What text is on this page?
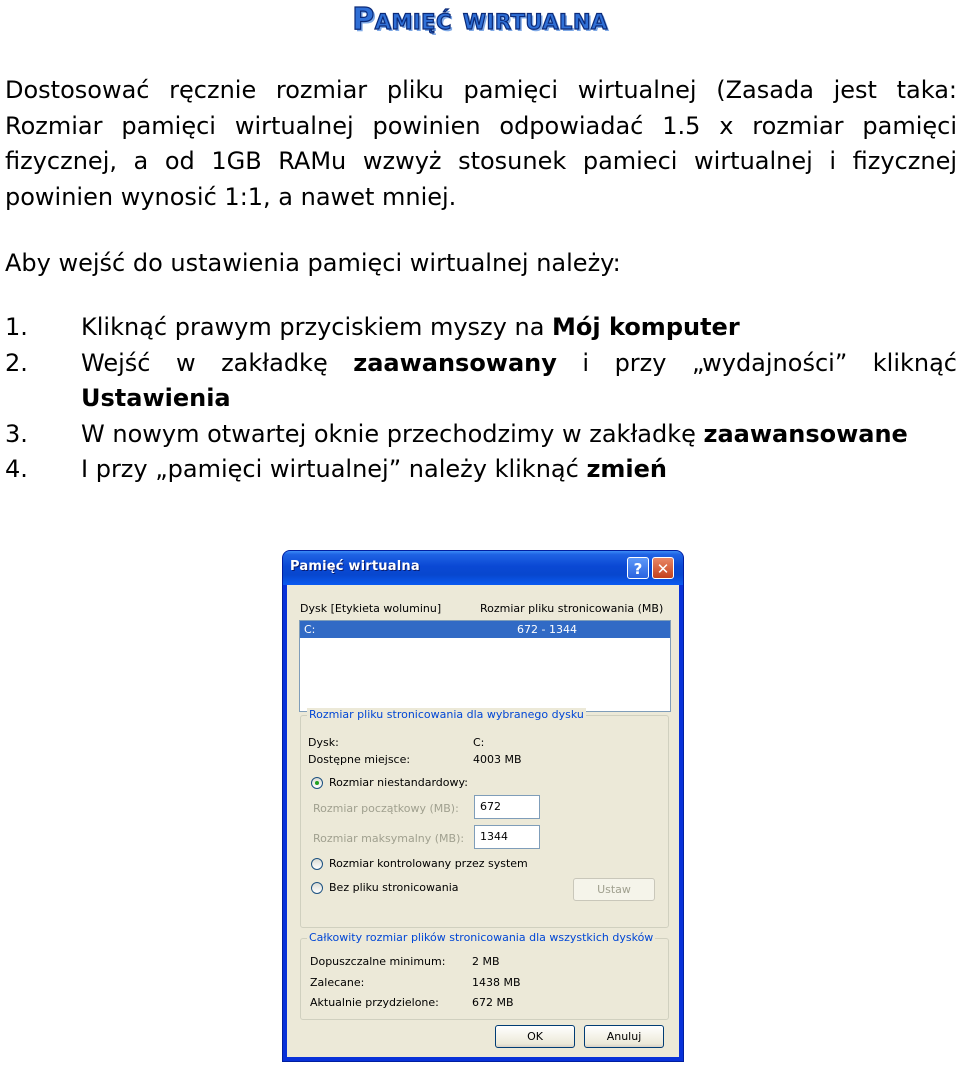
Pamięć wirtualna
Dostosować ręcznie rozmiar pliku pamięci wirtualnej (Zasada jest taka: Rozmiar pamięci wirtualnej powinien odpowiadać 1.5 x rozmiar pamięci fizycznej, a od 1GB RAMu wzwyż stosunek pamieci wirtualnej i fizycznej powinien wynosić 1:1, a nawet mniej.
Aby wejść do ustawienia pamięci wirtualnej należy:
1.	Kliknąć prawym przyciskiem myszy na Mój komputer
2.	Wejść w zakładkę zaawansowany i przy „wydajności” kliknąć Ustawienia
3.	W nowym otwartej oknie przechodzimy w zakładkę zaawansowane
4.	I przy „pamięci wirtualnej” należy kliknąć zmień
Pamięć wirtualna	? ✕
Dysk [Etykieta woluminu]	Rozmiar pliku stronicowania (MB)
C:	672 - 1344
Rozmiar pliku stronicowania dla wybranego dysku
Dysk:	C:
Dostępne miejsce:	4003 MB
Rozmiar niestandardowy:
Rozmiar początkowy (MB):	672
Rozmiar maksymalny (MB):	1344
Rozmiar kontrolowany przez system
Bez pliku stronicowania	Ustaw
Całkowity rozmiar plików stronicowania dla wszystkich dysków
Dopuszczalne minimum: 2 MB
Zalecane:	1438 MB
Aktualnie przydzielone:	672 MB
OK	Anuluj
